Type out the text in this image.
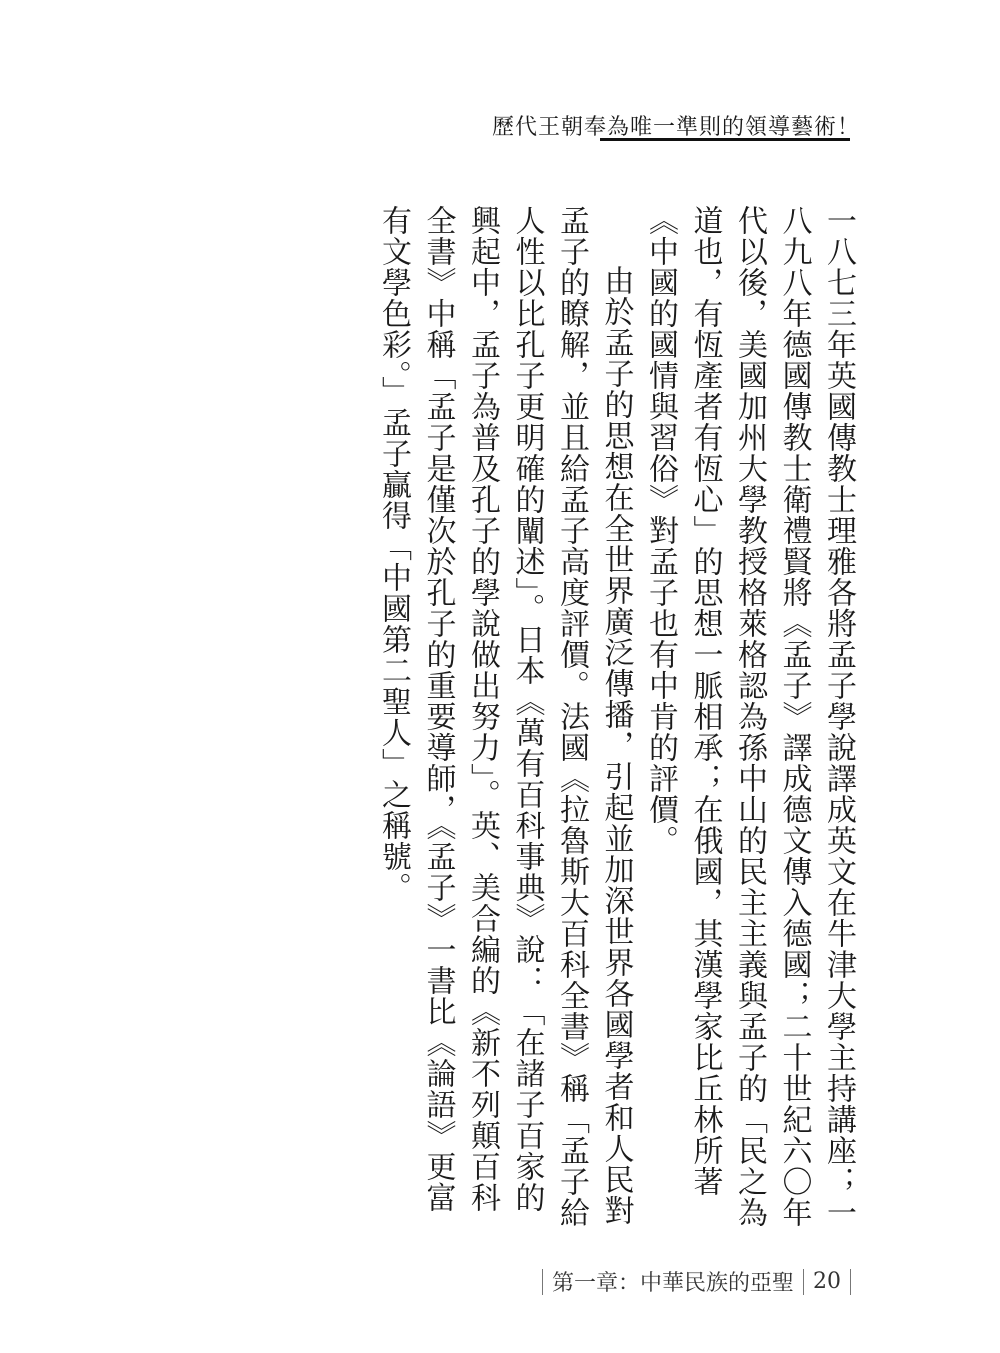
歷代王朝奉為唯一準則的領導藝術！

一八七三年英國傳教士理雅各將孟子學說譯成英文在牛津大學主持講座；一八九八年德國傳教士衛禮賢將《孟子》譯成德文傳入德國；二十世紀六〇年代以後，美國加州大學教授格萊格認為孫中山的民主主義與孟子的「民之為道也，有恆產者有恆心」的思想一脈相承；在俄國，其漢學家比丘林所著《中國的國情與習俗》對孟子也有中肯的評價。

由於孟子的思想在全世界廣泛傳播，引起並加深世界各國學者和人民對孟子的瞭解，並且給孟子高度評價。法國《拉魯斯大百科全書》稱「孟子給人性以比孔子更明確的闡述」。日本《萬有百科事典》說：「在諸子百家的興起中，孟子為普及孔子的學說做出努力」。英、美合編的《新不列顛百科全書》中稱「孟子是僅次於孔子的重要導師，《孟子》一書比《論語》更富有文學色彩。」孟子贏得「中國第二聖人」之稱號。

第一章：中華民族的亞聖 20
